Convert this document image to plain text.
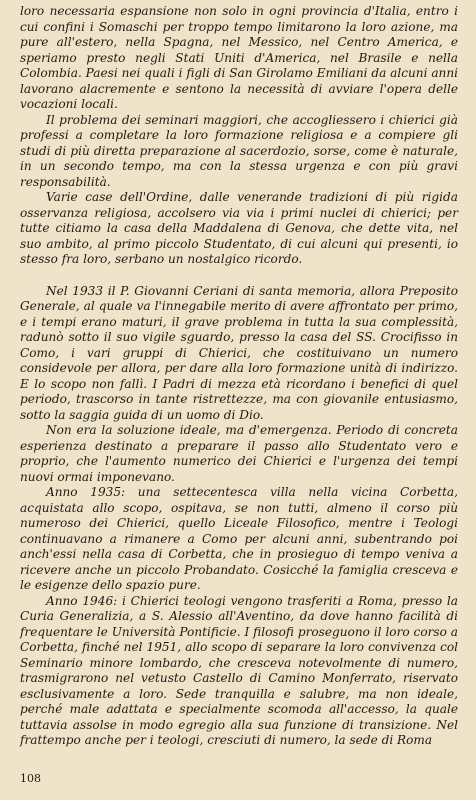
loro necessaria espansione non solo in ogni provincia d'Italia, entro i cui confini i Somaschi per troppo tempo limitarono la loro azione, ma pure all'estero, nella Spagna, nel Messico, nel Centro America, e speriamo presto negli Stati Uniti d'America, nel Brasile e nella Colombia. Paesi nei quali i figli di San Girolamo Emiliani da alcuni anni lavorano alacremente e sentono la necessità di avviare l'opera delle vocazioni locali.

Il problema dei seminari maggiori, che accogliessero i chierici già professi a completare la loro formazione religiosa e a compiere gli studi di più diretta preparazione al sacerdozio, sorse, come è naturale, in un secondo tempo, ma con la stessa urgenza e con più gravi responsabilità.

Varie case dell'Ordine, dalle venerande tradizioni di più rigida osservanza religiosa, accolsero via via i primi nuclei di chierici; per tutte citiamo la casa della Maddalena di Genova, che dette vita, nel suo ambito, al primo piccolo Studentato, di cui alcuni qui presenti, io stesso fra loro, serbano un nostalgico ricordo.

Nel 1933 il P. Giovanni Ceriani di santa memoria, allora Preposito Generale, al quale va l'innegabile merito di avere affrontato per primo, e i tempi erano maturi, il grave problema in tutta la sua complessità, radunò sotto il suo vigile sguardo, presso la casa del SS. Crocifisso in Como, i vari gruppi di Chierici, che costituivano un numero considevole per allora, per dare alla loro formazione unità di indirizzo. E lo scopo non fallì. I Padri di mezza età ricordano i benefici di quel periodo, trascorso in tante ristrettezze, ma con giovanile entusiasmo, sotto la saggia guida di un uomo di Dio.

Non era la soluzione ideale, ma d'emergenza. Periodo di concreta esperienza destinato a preparare il passo allo Studentato vero e proprio, che l'aumento numerico dei Chierici e l'urgenza dei tempi nuovi ormai imponevano.

Anno 1935: una settecentesca villa nella vicina Corbetta, acquistata allo scopo, ospitava, se non tutti, almeno il corso più numeroso dei Chierici, quello Liceale Filosofico, mentre i Teologi continuavano a rimanere a Como per alcuni anni, subentrando poi anch'essi nella casa di Corbetta, che in prosieguo di tempo veniva a ricevere anche un piccolo Probandato. Cosicché la famiglia cresceva e le esigenze dello spazio pure.

Anno 1946: i Chierici teologi vengono trasferiti a Roma, presso la Curia Generalizia, a S. Alessio all'Aventino, da dove hanno facilità di frequentare le Università Pontificie. I filosofi proseguono il loro corso a Corbetta, finché nel 1951, allo scopo di separare la loro convivenza col Seminario minore lombardo, che cresceva notevolmente di numero, trasmigrarono nel vetusto Castello di Camino Monferrato, riservato esclusivamente a loro. Sede tranquilla e salubre, ma non ideale, perché male adattata e specialmente scomoda all'accesso, la quale tuttavia assolse in modo egregio alla sua funzione di transizione. Nel frattempo anche per i teologi, cresciuti di numero, la sede di Roma

108
